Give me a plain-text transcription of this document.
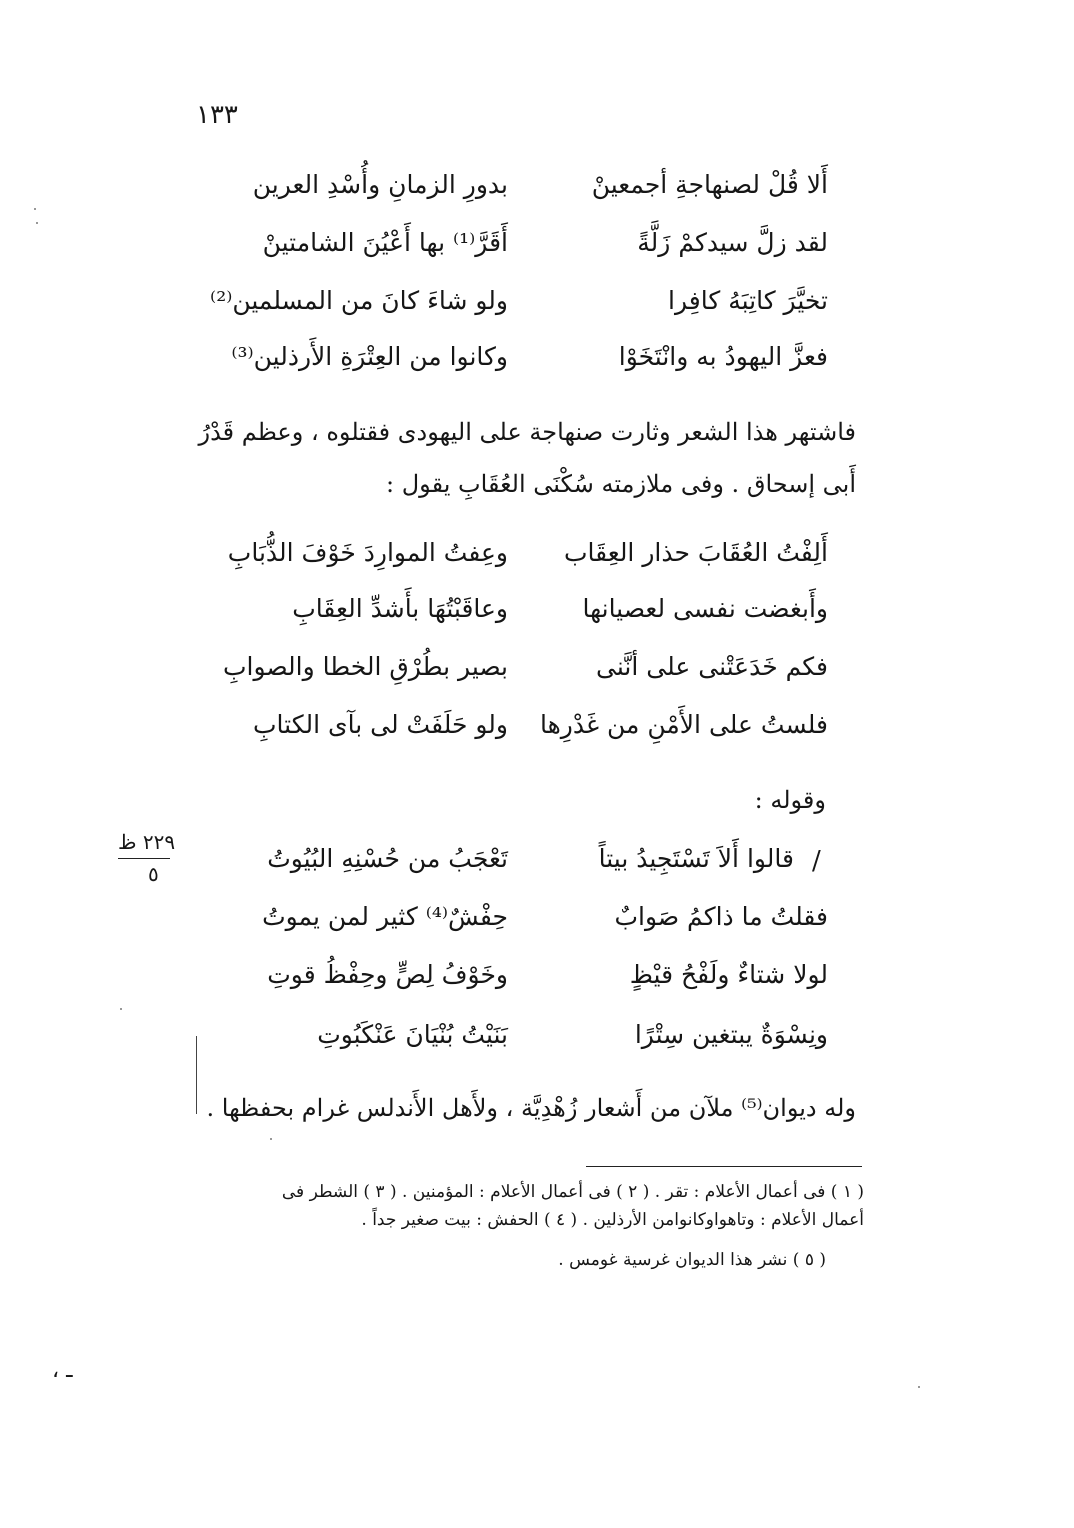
١٣٣
أَلا قُلْ لصنهاجةِ أجمعينْ
بدورِ الزمانِ وأُسْدِ العرين
لقد زلَّ سيدكمْ زَلَّةً
أَقَرَّ⁽¹⁾ بها أَعْيُنَ الشامتينْ
تخيَّرَ كاتِبَهُ كافِرا
ولو شاءَ كانَ من المسلمين⁽²⁾
فعزَّ اليهودُ به وانْتَخَوْا
وكانوا من العِتْرَةِ الأَرذلين⁽³⁾
فاشتهر هذا الشعر وثارت صنهاجة على اليهودى فقتلوه ، وعظم قَدْرُ
أَبى إسحاق . وفى ملازمته سُكْنَى العُقَابِ يقول :
أَلِفْتُ العُقَابَ حذار العِقَاب
وعِفتُ الموارِدَ خَوْفَ الذُّبَابِ
وأَبغضت نفسى لعصيانها
وعاقَبْتُهَا بأَشدِّ العِقَابِ
فكم خَدَعَتْنى على أنَّنى
بصير بطُرْقِ الخطا والصوابِ
فلستُ على الأَمْنِ من غَدْرِها
ولو حَلَفَتْ لى بآى الكتابِ
وقوله :
٢٢٩ ظ
٥	/
قالوا أَلاَ تَسْتَجِيدُ بيتاً
تَعْجَبُ من حُسْنِهِ البُيُوتُ
فقلتُ ما ذاكمُ صَوابٌ
حِفْشٌ⁽⁴⁾ كثير لمن يموتُ
لولا شتاءٌ ولَفْحُ قيْظٍ
وخَوْفُ لِصٍّ وحِفْظُ قوتِ
ونِسْوَةٌ يبتغين سِتْرًا
بَنَيْتُ بُنْيَانَ عَنْكَبُوتِ
وله ديوان⁽⁵⁾ ملآن من أَشعار زُهْدِيَّة ، ولأَهل الأَندلس غرام بحفظها .
( ١ ) فى أعمال الأعلام : تقر . ( ٢ ) فى أعمال الأعلام : المؤمنين . ( ٣ ) الشطر فى
أعمال الأعلام : وتاهواوكانوامن الأرذلين . ( ٤ ) الحفش : بيت صغير جداً .
( ٥ ) نشر هذا الديوان غرسية غومس .
، ـ
